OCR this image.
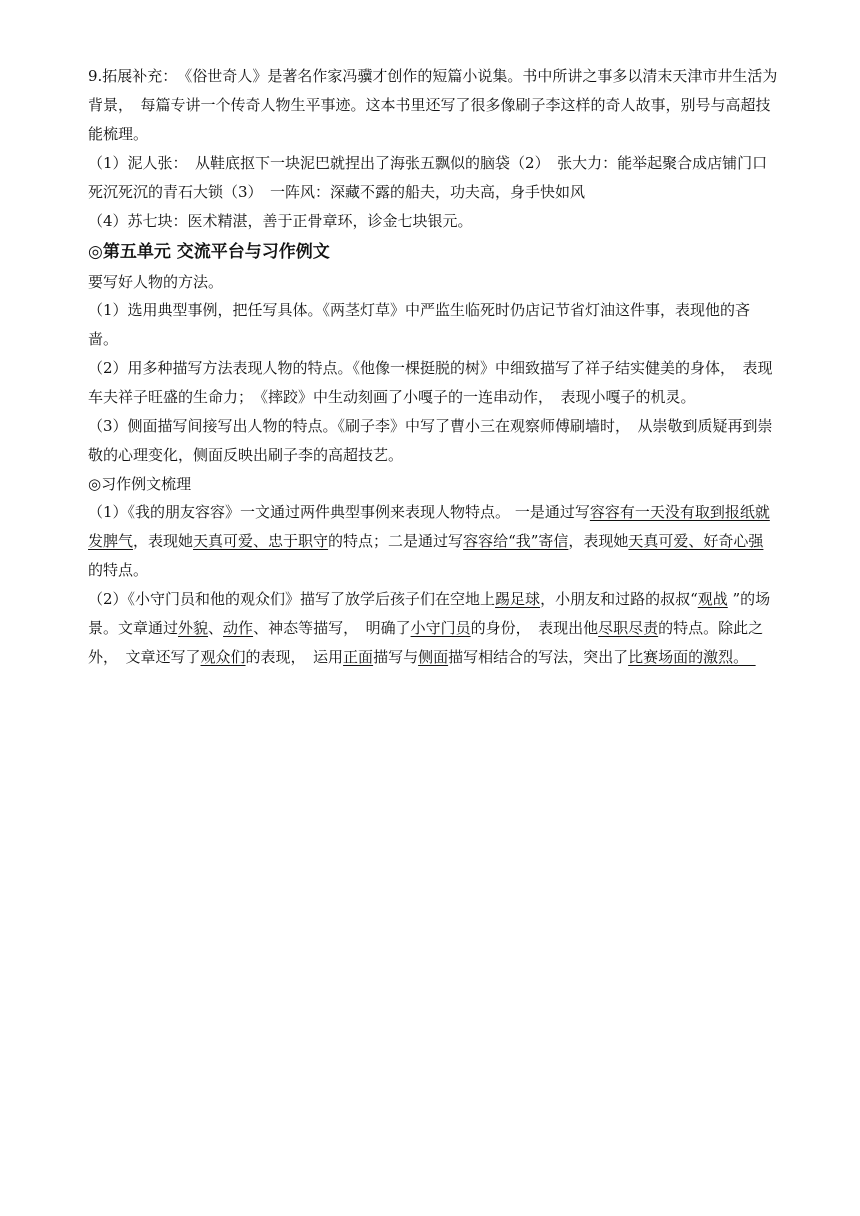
9.拓展补充：　《俗世奇人》是著名作家冯骥才创作的短篇小说集。书中所讲之事多以清末天津市井生活为背景，　每篇专讲一个传奇人物生平事迹。这本书里还写了很多像刷子李这样的奇人故事，别号与高超技能梳理。

（1）泥人张：　从鞋底抠下一块泥巴就捏出了海张五飘似的脑袋（2）　张大力：能举起聚合成店铺门口死沉死沉的青石大锁（3）　一阵风：深藏不露的船夫，功夫高，身手快如风

（4）苏七块：医术精湛，善于正骨章环，诊金七块银元。

◎第五单元 交流平台与习作例文

要写好人物的方法。

（1）选用典型事例，把任写具体。《两茎灯草》中严监生临死时仍店记节省灯油这件事，表现他的吝啬。

（2）用多种描写方法表现人物的特点。《他像一棵挺脱的树》中细致描写了祥子结实健美的身体，　表现车夫祥子旺盛的生命力；　《摔跤》中生动刻画了小嘎子的一连串动作，　表现小嘎子的机灵。

（3）侧面描写间接写出人物的特点。《刷子李》中写了曹小三在观察师傅刷墙时，　从崇敬到质疑再到崇敬的心理变化，侧面反映出刷子李的高超技艺。

◎习作例文梳理

（1）《我的朋友容容》一文通过两件典型事例来表现人物特点。 一是通过写容容有一天没有取到报纸就发脾气，表现她天真可爱、忠于职守的特点；二是通过写容容给“我”寄信，表现她天真可爱、好奇心强的特点。

（2）《小守门员和他的观众们》描写了放学后孩子们在空地上踢足球，小朋友和过路的叔叔“观战 ”的场景。文章通过外貌、动作、神态等描写，　明确了小守门员的身份，　表现出他尽职尽责的特点。除此之外，　文章还写了观众们的表现，　运用正面描写与侧面描写相结合的写法，突出了比赛场面的激烈。　
